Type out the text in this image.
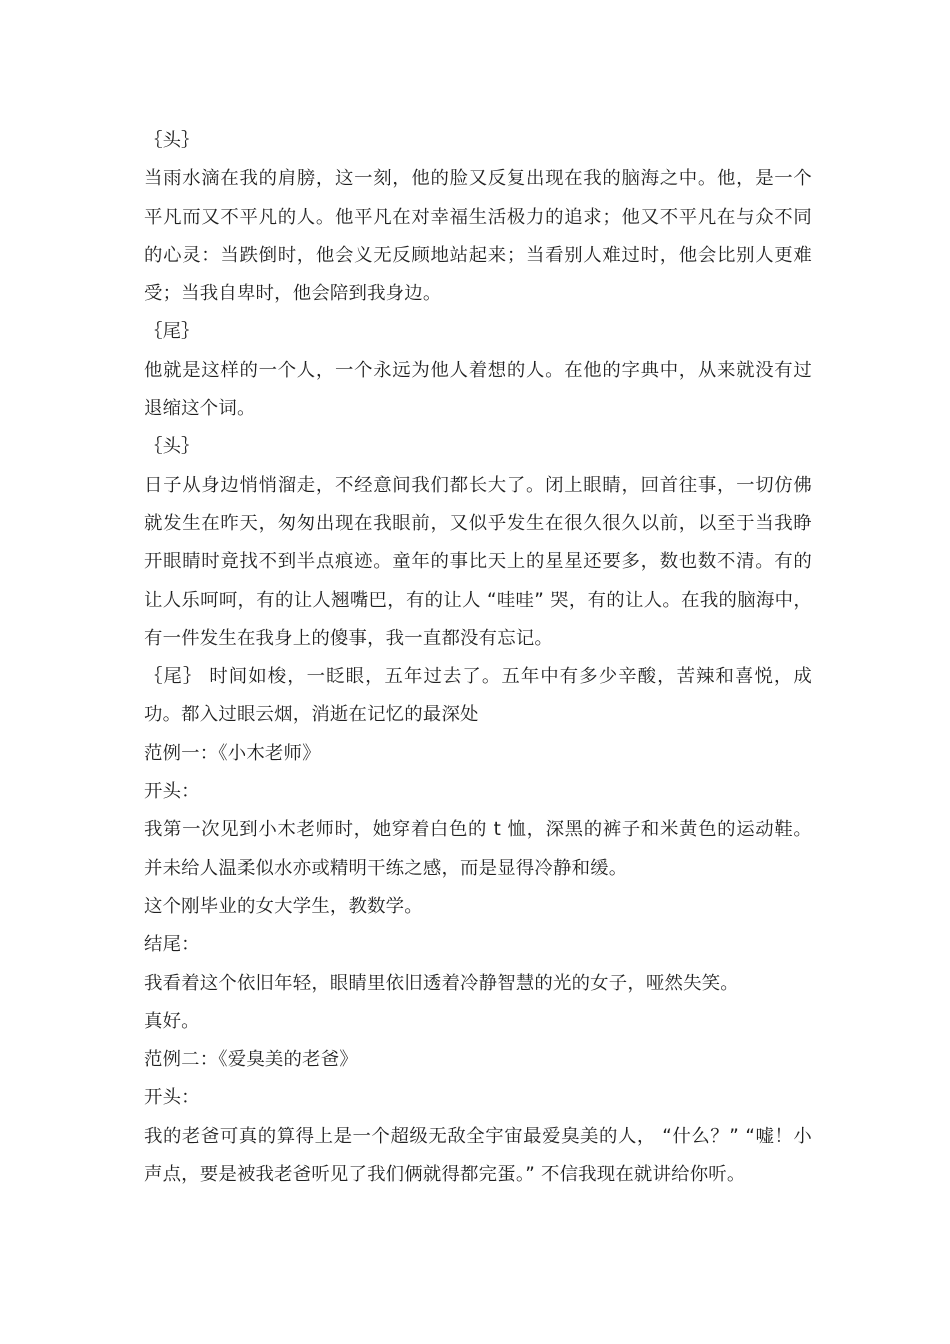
｛头｝

当雨水滴在我的肩膀，这一刻，他的脸又反复出现在我的脑海之中。他，是一个平凡而又不平凡的人。他平凡在对幸福生活极力的追求；他又不平凡在与众不同的心灵：当跌倒时，他会义无反顾地站起来；当看别人难过时，他会比别人更难受；当我自卑时，他会陪到我身边。

｛尾｝

他就是这样的一个人，一个永远为他人着想的人。在他的字典中，从来就没有过退缩这个词。

｛头｝

日子从身边悄悄溜走，不经意间我们都长大了。闭上眼睛，回首往事，一切仿佛就发生在昨天，匆匆出现在我眼前，又似乎发生在很久很久以前，以至于当我睁开眼睛时竟找不到半点痕迹。童年的事比天上的星星还要多，数也数不清。有的让人乐呵呵，有的让人翘嘴巴，有的让人 “哇哇” 哭，有的让人。在我的脑海中，有一件发生在我身上的傻事，我一直都没有忘记。

｛尾｝ 时间如梭，一眨眼，五年过去了。五年中有多少辛酸，苦辣和喜悦，成功。都入过眼云烟，消逝在记忆的最深处

范例一：《小木老师》

开头：

我第一次见到小木老师时，她穿着白色的 t 恤，深黑的裤子和米黄色的运动鞋。并未给人温柔似水亦或精明干练之感，而是显得冷静和缓。

这个刚毕业的女大学生，教数学。

结尾：

我看着这个依旧年轻，眼睛里依旧透着冷静智慧的光的女子，哑然失笑。

真好。

范例二：《爱臭美的老爸》

开头：

我的老爸可真的算得上是一个超级无敌全宇宙最爱臭美的人， “什么？” “嘘！小声点，要是被我老爸听见了我们俩就得都完蛋。” 不信我现在就讲给你听。
